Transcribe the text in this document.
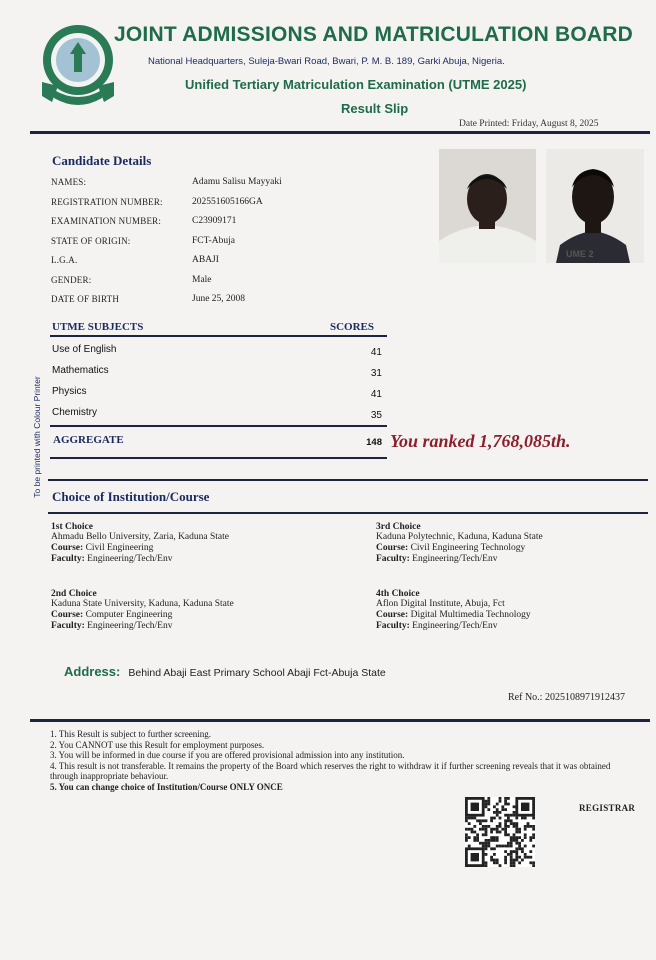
JOINT ADMISSIONS AND MATRICULATION BOARD
National Headquarters, Suleja-Bwari Road, Bwari, P. M. B. 189, Garki Abuja, Nigeria.
Unified Tertiary Matriculation Examination (UTME 2025)
Result Slip
Date Printed: Friday, August 8, 2025
Candidate Details
NAMES:	Adamu Salisu Mayyaki
REGISTRATION NUMBER:	202551605166GA
EXAMINATION NUMBER:	C23909171
STATE OF ORIGIN:	FCT-Abuja
L.G.A.	ABAJI
GENDER:	Male
DATE OF BIRTH	June 25, 2008
UME 2
UTME SUBJECTS	SCORES
Use of English	41
Mathematics	31
Physics	41
Chemistry	35
AGGREGATE	148 You ranked 1,768,085th.
To be printed with Colour Printer Choice of Institution/Course
1st Choice
Ahmadu Bello University, Zaria, Kaduna State
Course: Civil Engineering
Faculty: Engineering/Tech/Env
2nd Choice
Kaduna State University, Kaduna, Kaduna State
Course: Computer Engineering
Faculty: Engineering/Tech/Env
3rd Choice
Kaduna Polytechnic, Kaduna, Kaduna State
Course: Civil Engineering Technology
Faculty: Engineering/Tech/Env
4th Choice
Aflon Digital Institute, Abuja, Fct
Course: Digital Multimedia Technology
Faculty: Engineering/Tech/Env
Address: Behind Abaji East Primary School Abaji Fct-Abuja State
Ref No.: 2025108971912437
1. This Result is subject to further screening.
2. You CANNOT use this Result for employment purposes.
3. You will be informed in due course if you are offered provisional admission into any institution.
4. This result is not transferable. It remains the property of the Board which reserves the right to withdraw it if further screening reveals that it was obtained through inappropriate behaviour.
5. You can change choice of Institution/Course ONLY ONCE
REGISTRAR
